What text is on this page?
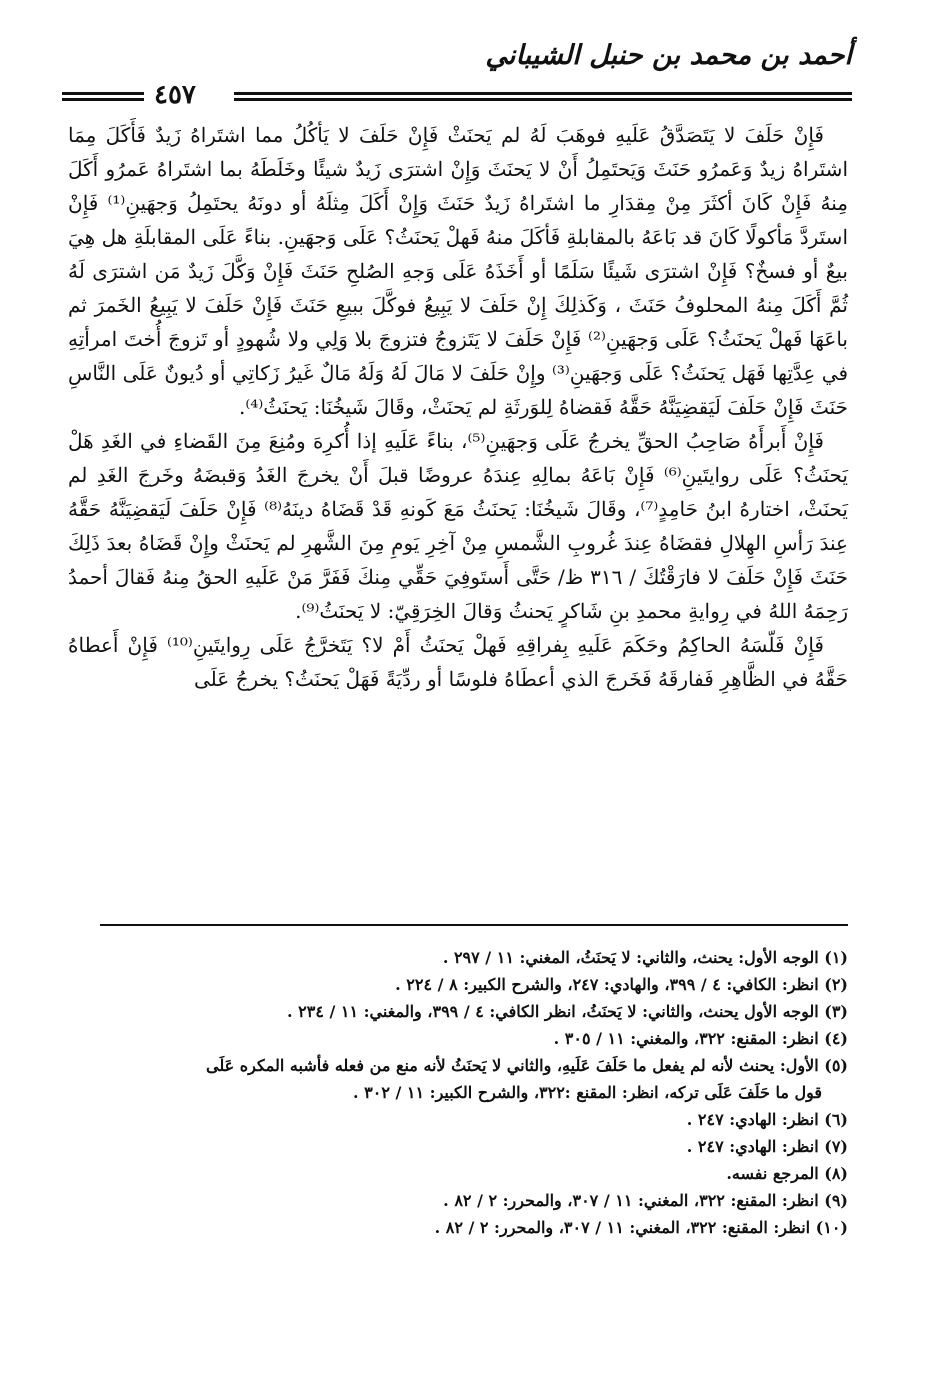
أحمد بن محمد بن حنبل الشيباني
٤٥٧

فَإِنْ حَلَفَ لا يَتَصَدَّقُ عَلَيهِ فوهَبَ لَهُ لم يَحنَثْ فَإِنْ حَلَفَ لا يَأكُلُ مما اشتَراهُ زَيدٌ فَأَكَلَ مِمَا اشتَراهُ زيدٌ وَعَمرُو حَنَثَ وَيَحتَمِلُ أَنْ لا يَحنَثَ وَإِنْ اشترَى زَيدٌ شيئًا وخَلَطَهُ بما اشتَراهُ عَمرُو أَكَلَ مِنهُ فَإِنْ كَانَ أكثَرَ مِنْ مِقدَارِ ما اشتَراهُ زَيدٌ حَنَثَ وَإِنْ أَكَلَ مِثلَهُ أو دونَهُ يحتَمِلُ وَجهَينِ⁽¹⁾ فَإِنْ استَردَّ مَأكولًا كَانَ قد بَاعَهُ بالمقابلةِ فَأكَلَ منهُ فَهلْ يَحنَثُ؟ عَلَى وَجهَينِ. بناءً عَلَى المقابلَةِ هل هِيَ بيعٌ أو فسخٌ؟ فَإِنْ اشترَى شَيئًا سَلَمًا أو أَخَذَهُ عَلَى وَجهِ الصُلحِ حَنَثَ فَإِنْ وَكَّلَ زَيدٌ مَن اشترَى لَهُ ثُمَّ أَكَلَ مِنهُ المحلوفُ حَنَثَ ، وَكَذلِكَ إِنْ حَلَفَ لا يَبِيعُ فوكَّلَ ببيعِ حَنَثَ فَإِنْ حَلَفَ لا يَبِيعُ الخَمرَ ثم باعَهَا فَهلْ يَحنَثُ؟ عَلَى وَجهَينِ⁽²⁾ فَإِنْ حَلَفَ لا يَتَزوجُ فتزوجَ بلا وَلِي ولا شُهودٍ أو تَزوجَ أُختَ امرأتِهِ في عِدَّتِها فَهَل يَحنَثُ؟ عَلَى وَجهَينِ⁽³⁾ وإِنْ حَلَفَ لا مَالَ لَهُ وَلَهُ مَالٌ غَيرُ زَكاتِي أو دُيونٌ عَلَى النَّاسِ حَنَثَ فَإِنْ حَلَفَ لَيَقضِيَنَّهُ حَقَّهُ فَقضاهُ لِلوَرثَةِ لم يَحنَثْ، وقَالَ شَيخُنَا: يَحنَثُ⁽⁴⁾.

فَإِنْ أَبرأَهُ صَاحِبُ الحقِّ يخرجُ عَلَى وَجهَينِ⁽⁵⁾، بناءً عَلَيهِ إذا أُكرِهَ ومُنِعَ مِنَ القَضاءِ في الغَدِ هَلْ يَحنَثُ؟ عَلَى روايتَينِ⁽⁶⁾ فَإِنْ بَاعَهُ بمالِهِ عِندَهُ عروضًا قبلَ أَنْ يخرجَ الغَدُ وَقبضَهُ وخَرجَ الغَدِ لم يَحنَثْ، اختارهُ ابنُ حَامِدٍ⁽⁷⁾، وقَالَ شَيخُنَا: يَحنَثُ مَعَ كَونهِ قَدْ قَضَاهُ دينَهُ⁽⁸⁾ فَإِنْ حَلَفَ لَيَقضِيَنَّهُ حَقَّهُ عِندَ رَأسِ الهِلالِ فقضَاهُ عِندَ غُروبِ الشَّمسِ مِنْ آخِرِ يَومِ مِنَ الشَّهرِ لم يَحنَثْ وإِنْ قَضَاهُ بعدَ ذَلِكَ حَنَثَ فَإِنْ حَلَفَ لا فارَقْتُكَ / ٣١٦ ظ/ حَتَّى أَستَوفِيَ حَقِّي مِنكَ فَفَرَّ مَنْ عَلَيهِ الحقُ مِنهُ فَقالَ أحمدُ رَحِمَهُ اللهُ في رِوايةِ محمدِ بنِ شَاكرٍ يَحنثُ وَقالَ الخِرَقِيّ: لا يَحنَثُ⁽⁹⁾.

فَإِنْ فَلّسَهُ الحاكِمُ وحَكَمَ عَلَيهِ بِفراقِهِ فَهلْ يَحنَثُ أَمْ لا؟ يَتَخرَّجُ عَلَى رِوايتَينِ⁽¹⁰⁾ فَإِنْ أَعطاهُ حَقَّهُ في الظَّاهِرِ فَفارقَهُ فَخَرجَ الذي أعطَاهُ فلوسًا أو ردِّيَةً فَهَلْ يَحنَثُ؟ يخرجُ عَلَى

(١) الوجه الأول: يحنث، والثاني: لا يَحنَثُ، المغني: ١١ / ٢٩٧ .

(٢) انظر: الكافي: ٤ / ٣٩٩، والهادي: ٢٤٧، والشرح الكبير: ٨ / ٢٢٤ .

(٣) الوجه الأول يحنث، والثاني: لا يَحنَثُ، انظر الكافي: ٤ / ٣٩٩، والمغني: ١١ / ٢٣٤ .

(٤) انظر: المقنع: ٣٢٢، والمغني: ١١ / ٣٠٥ .

(٥) الأول: يحنث لأنه لم يفعل ما حَلَفَ عَلَيهِ، والثاني لا يَحنَثُ لأنه منع من فعله فأشبه المكره عَلَى

قول ما حَلَفَ عَلَى تركه، انظر: المقنع :٣٢٢، والشرح الكبير: ١١ / ٣٠٢ .

(٦) انظر: الهادي: ٢٤٧ .

(٧) انظر: الهادي: ٢٤٧ .

(٨) المرجع نفسه.

(٩) انظر: المقنع: ٣٢٢، المغني: ١١ / ٣٠٧، والمحرر: ٢ / ٨٢ .

(١٠) انظر: المقنع: ٣٢٢، المغني: ١١ / ٣٠٧، والمحرر: ٢ / ٨٢ .
